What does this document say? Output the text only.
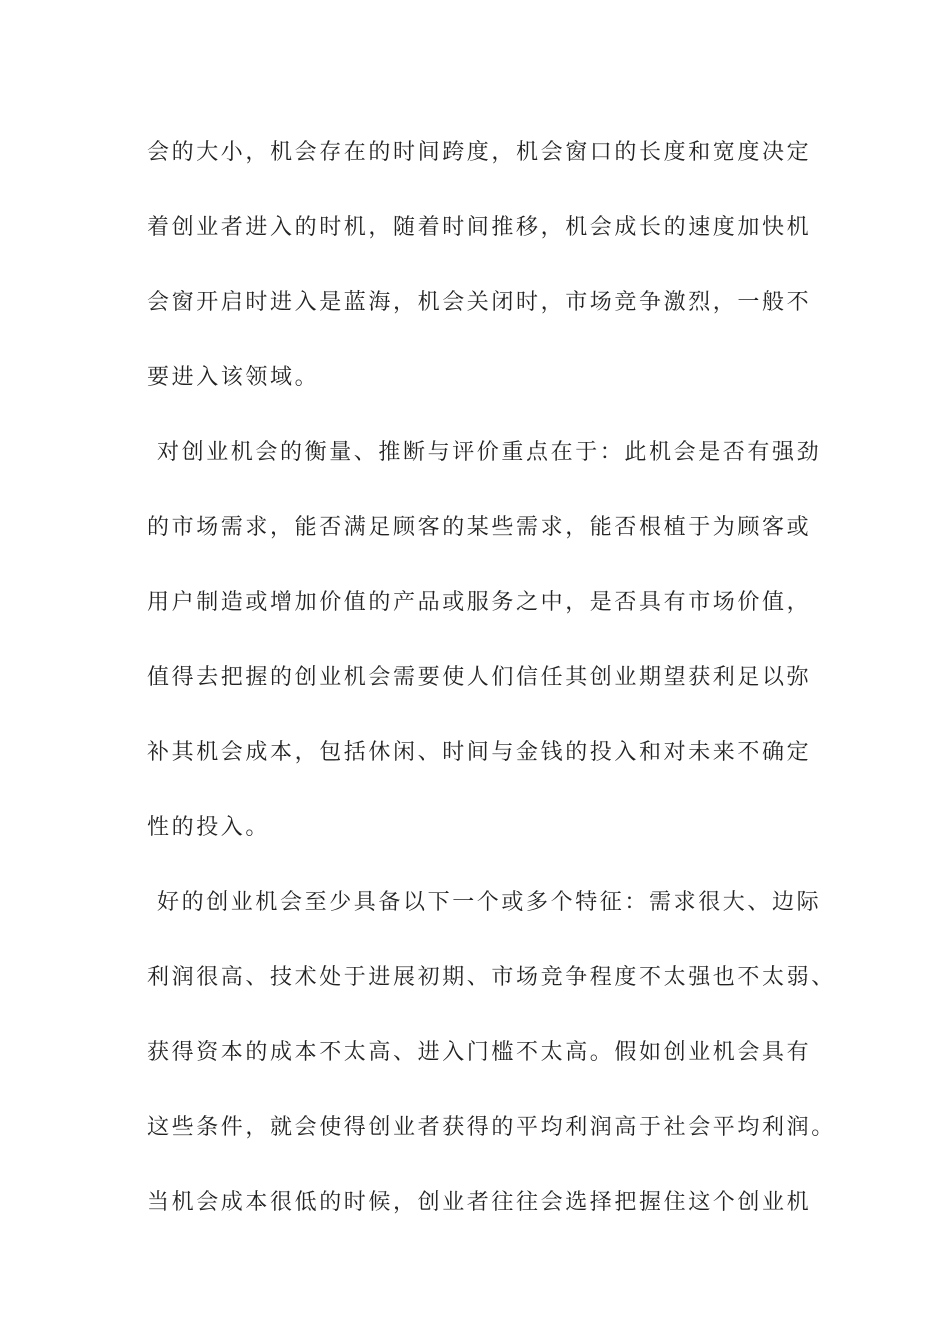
会的大小，机会存在的时间跨度，机会窗口的长度和宽度决定
着创业者进入的时机，随着时间推移，机会成长的速度加快机
会窗开启时进入是蓝海，机会关闭时，市场竞争激烈，一般不
要进入该领域。
对创业机会的衡量、推断与评价重点在于：此机会是否有强劲
的市场需求，能否满足顾客的某些需求，能否根植于为顾客或
用户制造或增加价值的产品或服务之中，是否具有市场价值，
值得去把握的创业机会需要使人们信任其创业期望获利足以弥
补其机会成本，包括休闲、时间与金钱的投入和对未来不确定
性的投入。
好的创业机会至少具备以下一个或多个特征：需求很大、边际
利润很高、技术处于进展初期、市场竞争程度不太强也不太弱、
获得资本的成本不太高、进入门槛不太高。假如创业机会具有
这些条件，就会使得创业者获得的平均利润高于社会平均利润。
当机会成本很低的时候，创业者往往会选择把握住这个创业机
